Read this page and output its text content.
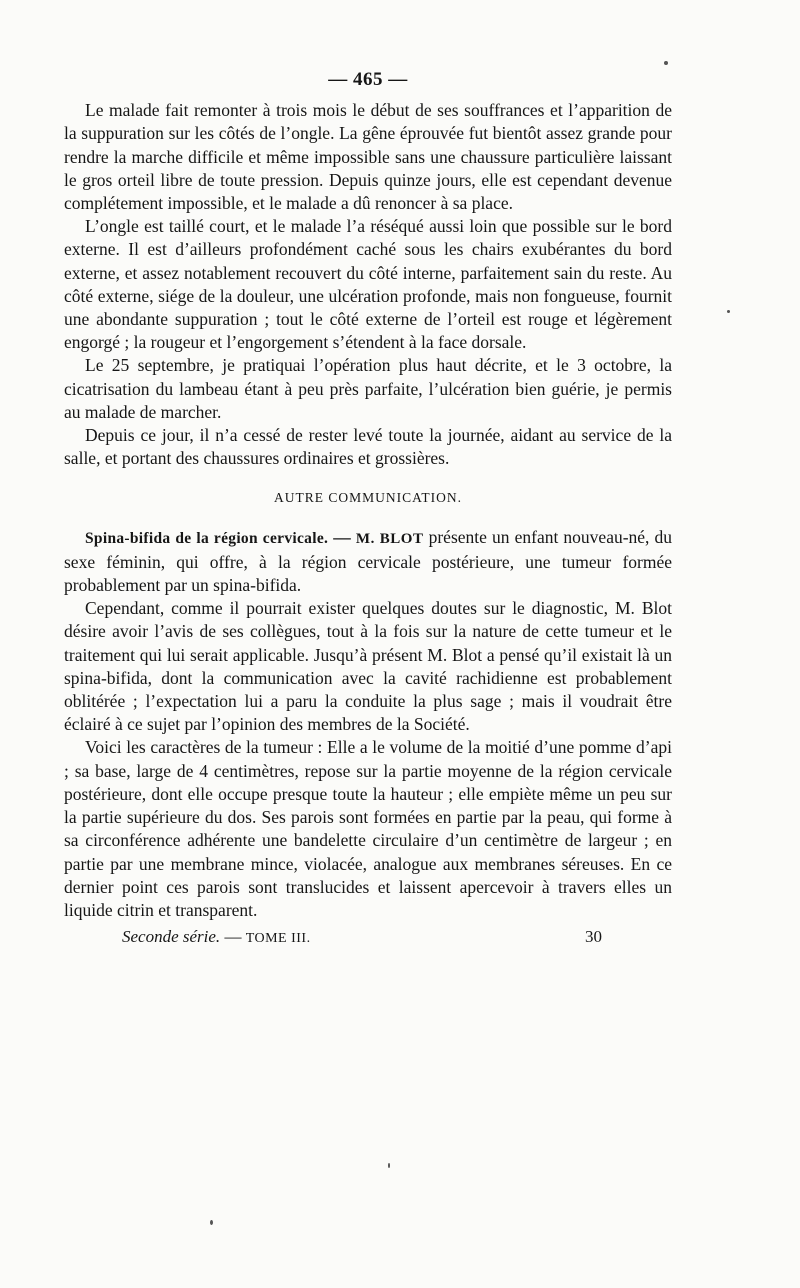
— 465 —

Le malade fait remonter à trois mois le début de ses souffrances et l’apparition de la suppuration sur les côtés de l’ongle. La gêne éprouvée fut bientôt assez grande pour rendre la marche difficile et même impossible sans une chaussure particulière laissant le gros orteil libre de toute pression. Depuis quinze jours, elle est cependant devenue complétement impossible, et le malade a dû renoncer à sa place.

L’ongle est taillé court, et le malade l’a réséqué aussi loin que possible sur le bord externe. Il est d’ailleurs profondément caché sous les chairs exubérantes du bord externe, et assez notablement recouvert du côté interne, parfaitement sain du reste. Au côté externe, siége de la douleur, une ulcération profonde, mais non fongueuse, fournit une abondante suppuration ; tout le côté externe de l’orteil est rouge et légèrement engorgé ; la rougeur et l’engorgement s’étendent à la face dorsale.

Le 25 septembre, je pratiquai l’opération plus haut décrite, et le 3 octobre, la cicatrisation du lambeau étant à peu près parfaite, l’ulcération bien guérie, je permis au malade de marcher.

Depuis ce jour, il n’a cessé de rester levé toute la journée, aidant au service de la salle, et portant des chaussures ordinaires et grossières.

AUTRE COMMUNICATION.

Spina-bifida de la région cervicale. — M. BLOT présente un enfant nouveau-né, du sexe féminin, qui offre, à la région cervicale postérieure, une tumeur formée probablement par un spina-bifida.

Cependant, comme il pourrait exister quelques doutes sur le diagnostic, M. Blot désire avoir l’avis de ses collègues, tout à la fois sur la nature de cette tumeur et le traitement qui lui serait applicable. Jusqu’à présent M. Blot a pensé qu’il existait là un spina-bifida, dont la communication avec la cavité rachidienne est probablement oblitérée ; l’expectation lui a paru la conduite la plus sage ; mais il voudrait être éclairé à ce sujet par l’opinion des membres de la Société.

Voici les caractères de la tumeur : Elle a le volume de la moitié d’une pomme d’api ; sa base, large de 4 centimètres, repose sur la partie moyenne de la région cervicale postérieure, dont elle occupe presque toute la hauteur ; elle empiète même un peu sur la partie supérieure du dos. Ses parois sont formées en partie par la peau, qui forme à sa circonférence adhérente une bandelette circulaire d’un centimètre de largeur ; en partie par une membrane mince, violacée, analogue aux membranes séreuses. En ce dernier point ces parois sont translucides et laissent apercevoir à travers elles un liquide citrin et transparent.

Seconde série. — TOME III.	30
